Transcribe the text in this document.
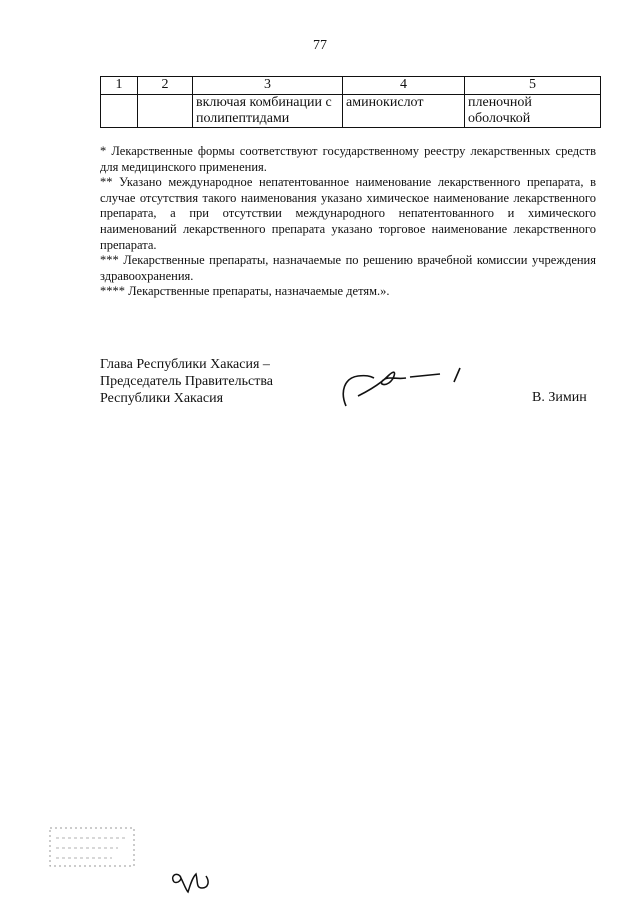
77
1	2	3	4	5
		включая комбинации с полипептидами	аминокислот	пленочной оболочкой

* Лекарственные формы соответствуют государственному реестру лекарственных средств для медицинского применения.

** Указано международное непатентованное наименование лекарственного препарата, в случае отсутствия такого наименования указано химическое наименование лекарственного препарата, а при отсутствии международного непатентованного и химического наименований лекарственного препарата указано торговое наименование лекарственного препарата.

*** Лекарственные препараты, назначаемые по решению врачебной комиссии учреждения здравоохранения.

**** Лекарственные препараты, назначаемые детям.».

Глава Республики Хакасия –

Председатель Правительства

Республики Хакасия	В. Зимин
